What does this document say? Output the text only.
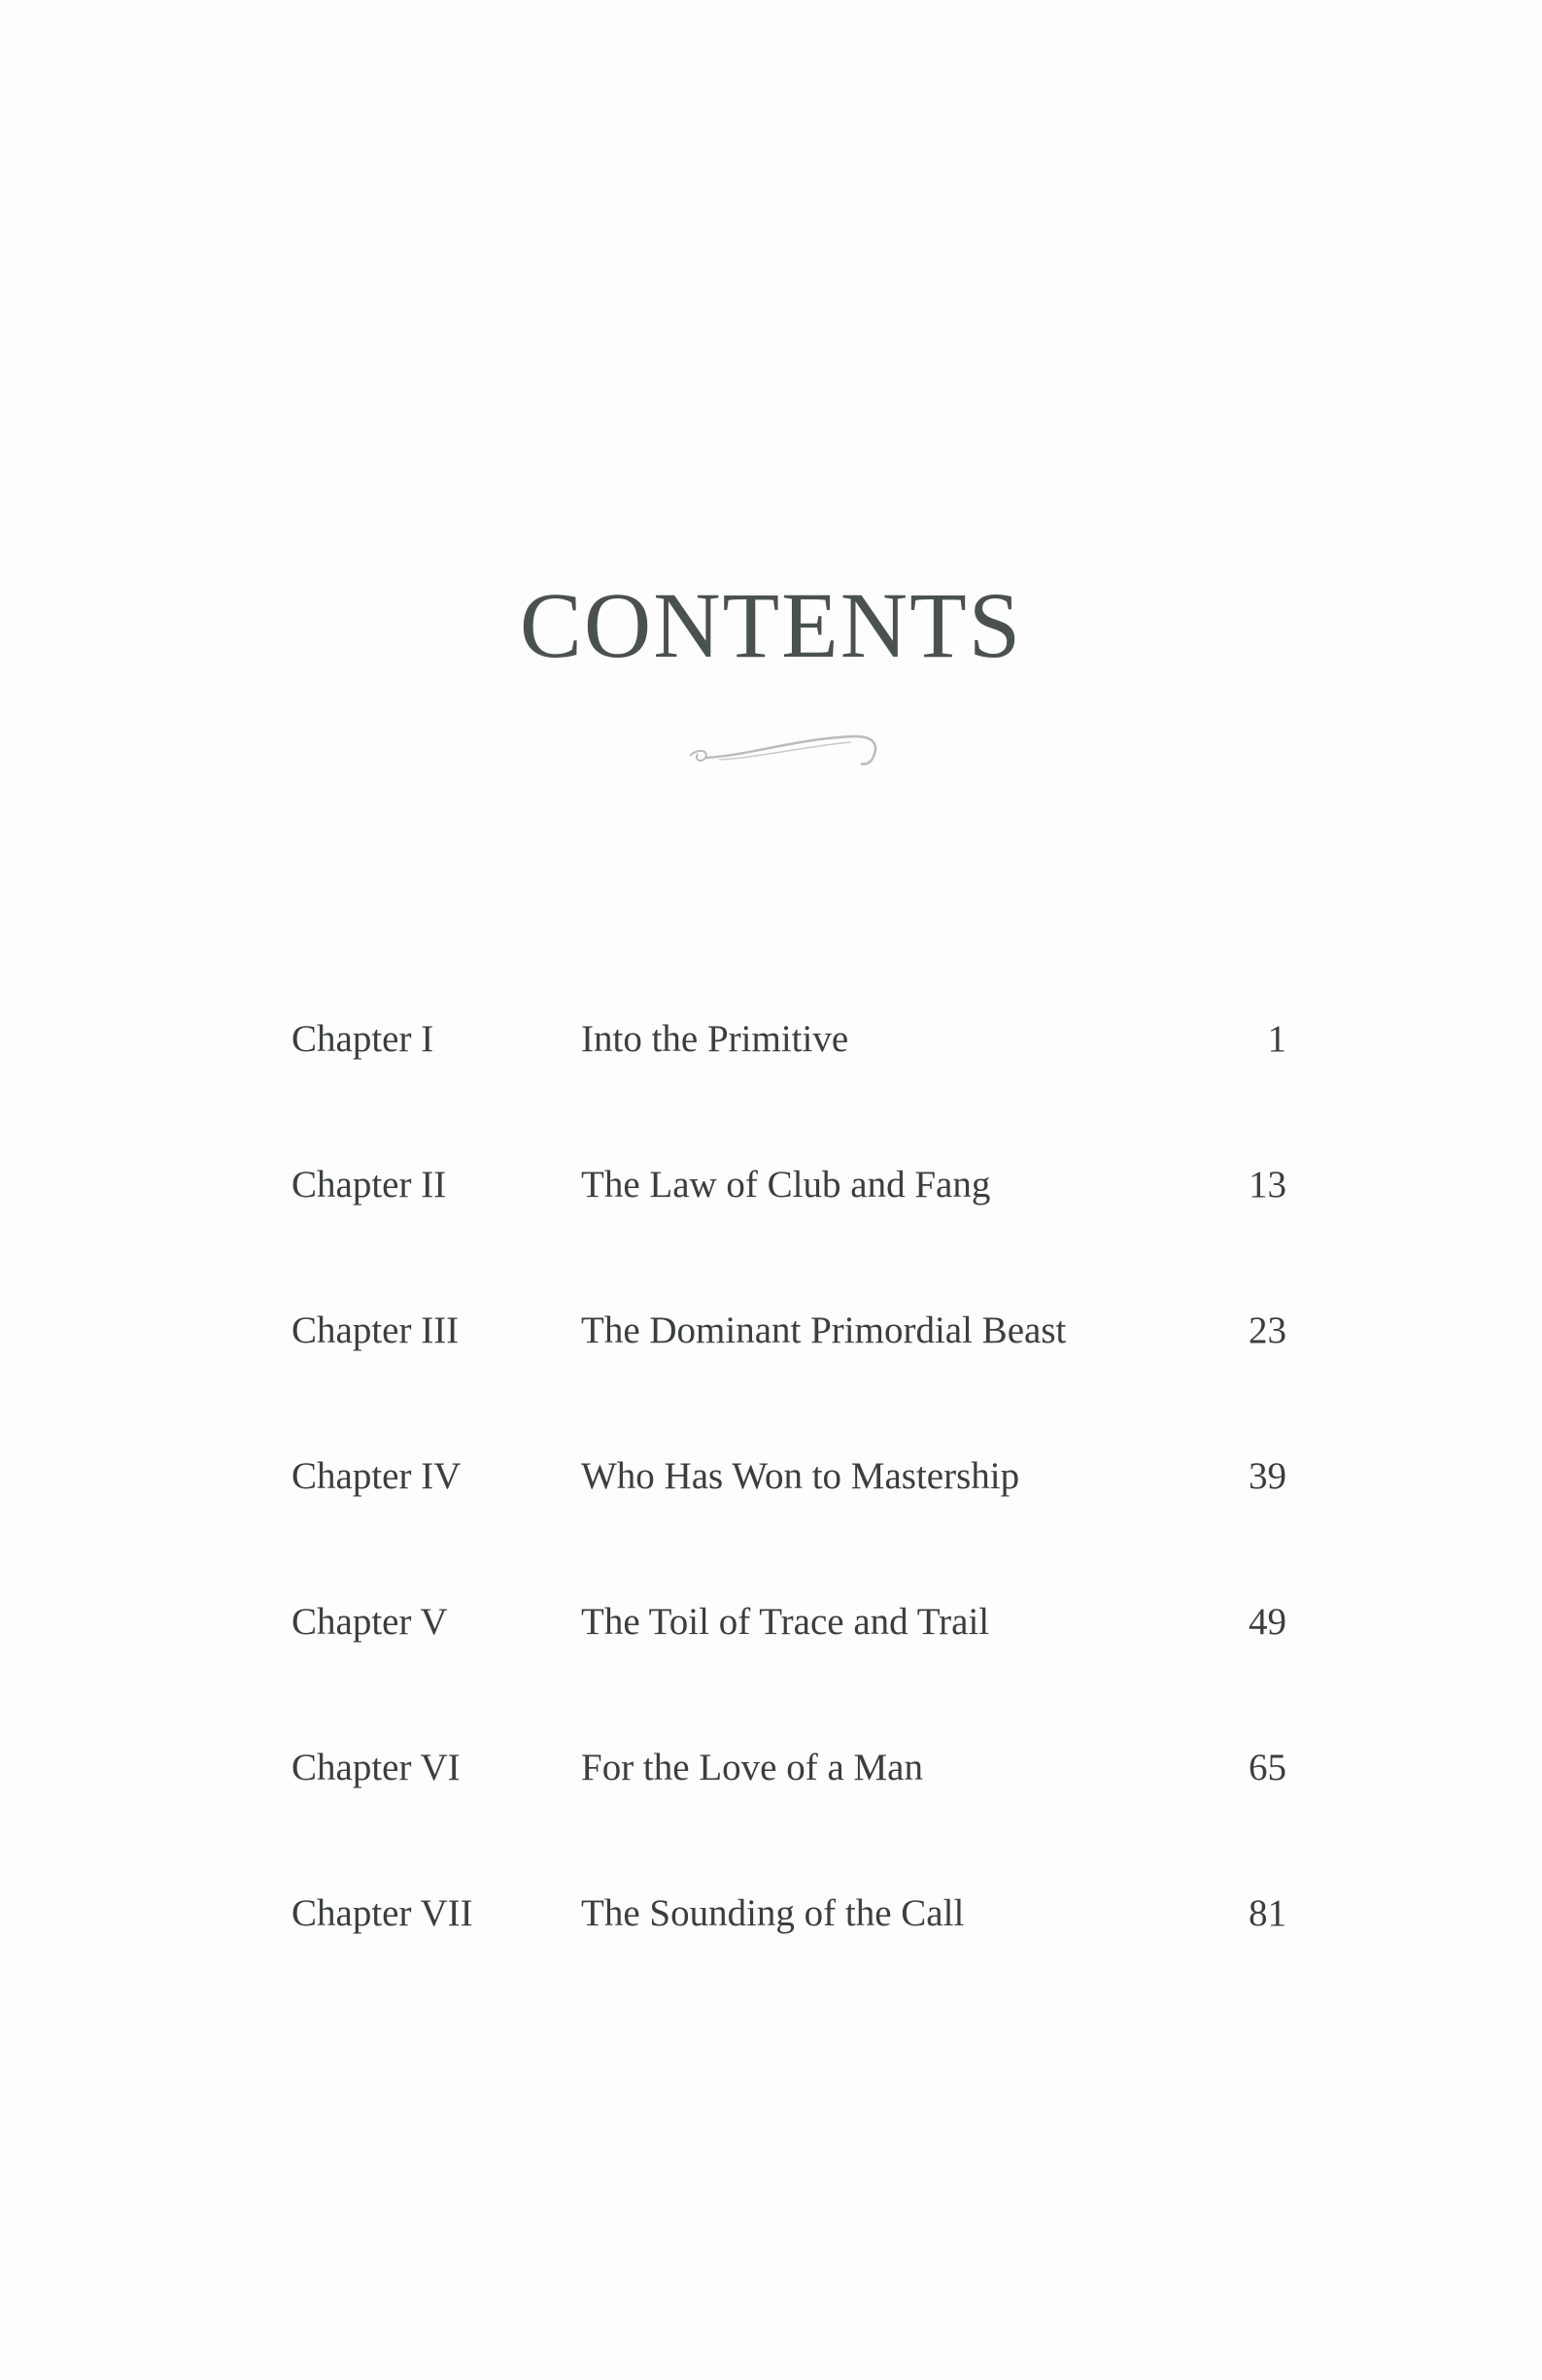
CONTENTS
Chapter I	Into the Primitive	1
Chapter II	The Law of Club and Fang	13
Chapter III	The Dominant Primordial Beast	23
Chapter IV	Who Has Won to Mastership	39
Chapter V	The Toil of Trace and Trail	49
Chapter VI	For the Love of a Man	65
Chapter VII	The Sounding of the Call	81
